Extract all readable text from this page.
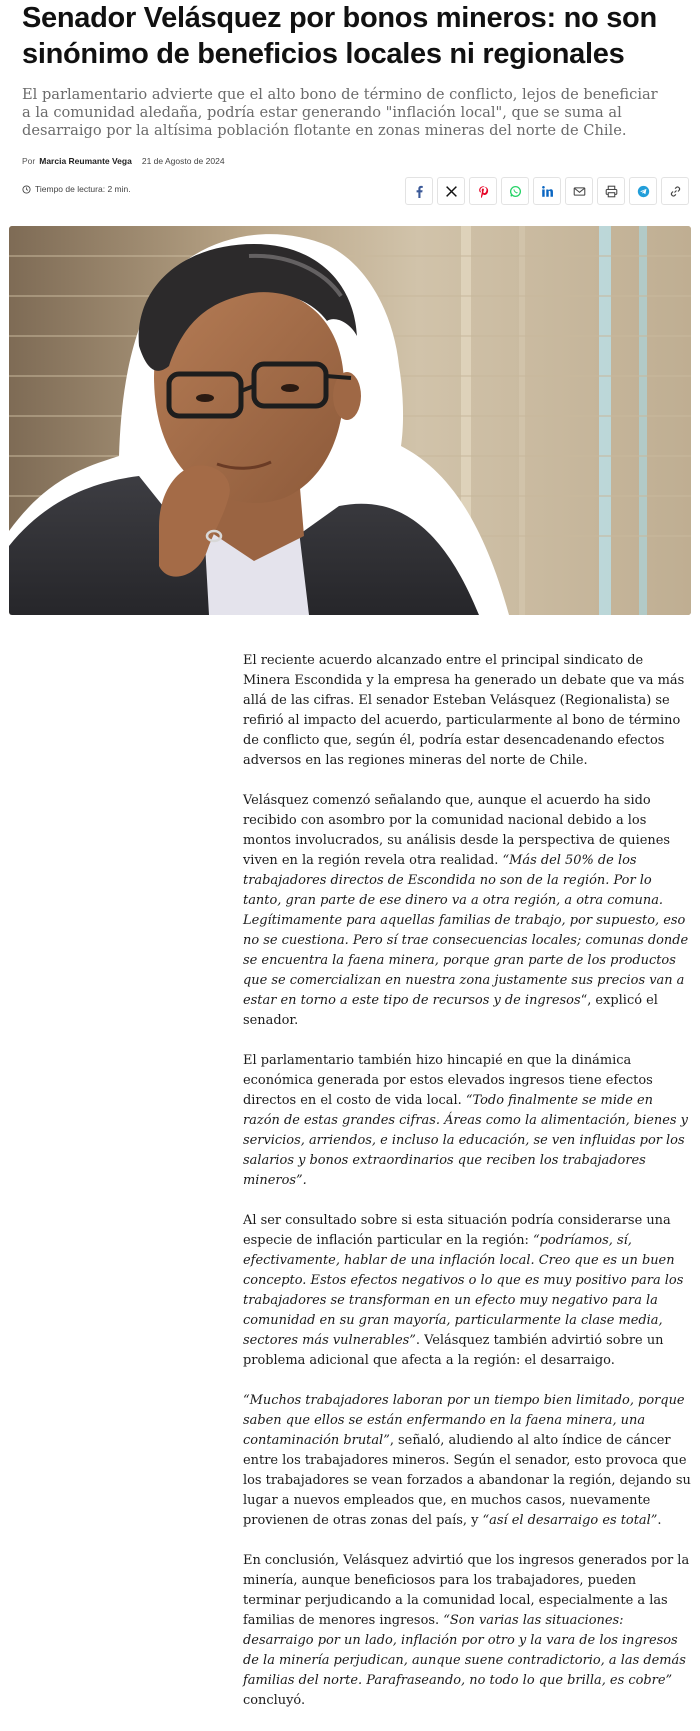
Senador Velásquez por bonos mineros: no son sinónimo de beneficios locales ni regionales

El parlamentario advierte que el alto bono de término de conflicto, lejos de beneficiar a la comunidad aledaña, podría estar generando "inflación local", que se suma al desarraigo por la altísima población flotante en zonas mineras del norte de Chile.

Por Marcia Reumante Vega 21 de Agosto de 2024
Tiempo de lectura: 2 min.

El reciente acuerdo alcanzado entre el principal sindicato de Minera Escondida y la empresa ha generado un debate que va más allá de las cifras. El senador Esteban Velásquez (Regionalista) se refirió al impacto del acuerdo, particularmente al bono de término de conflicto que, según él, podría estar desencadenando efectos adversos en las regiones mineras del norte de Chile.

Velásquez comenzó señalando que, aunque el acuerdo ha sido recibido con asombro por la comunidad nacional debido a los montos involucrados, su análisis desde la perspectiva de quienes viven en la región revela otra realidad. “Más del 50% de los trabajadores directos de Escondida no son de la región. Por lo tanto, gran parte de ese dinero va a otra región, a otra comuna. Legítimamente para aquellas familias de trabajo, por supuesto, eso no se cuestiona. Pero sí trae consecuencias locales; comunas donde se encuentra la faena minera, porque gran parte de los productos que se comercializan en nuestra zona justamente sus precios van a estar en torno a este tipo de recursos y de ingresos“, explicó el senador.

El parlamentario también hizo hincapié en que la dinámica económica generada por estos elevados ingresos tiene efectos directos en el costo de vida local. “Todo finalmente se mide en razón de estas grandes cifras. Áreas como la alimentación, bienes y servicios, arriendos, e incluso la educación, se ven influidas por los salarios y bonos extraordinarios que reciben los trabajadores mineros”.

Al ser consultado sobre si esta situación podría considerarse una especie de inflación particular en la región: “podríamos, sí, efectivamente, hablar de una inflación local. Creo que es un buen concepto. Estos efectos negativos o lo que es muy positivo para los trabajadores se transforman en un efecto muy negativo para la comunidad en su gran mayoría, particularmente la clase media, sectores más vulnerables”. Velásquez también advirtió sobre un problema adicional que afecta a la región: el desarraigo.

“Muchos trabajadores laboran por un tiempo bien limitado, porque saben que ellos se están enfermando en la faena minera, una contaminación brutal”, señaló, aludiendo al alto índice de cáncer entre los trabajadores mineros. Según el senador, esto provoca que los trabajadores se vean forzados a abandonar la región, dejando su lugar a nuevos empleados que, en muchos casos, nuevamente provienen de otras zonas del país, y “así el desarraigo es total”.

En conclusión, Velásquez advirtió que los ingresos generados por la minería, aunque beneficiosos para los trabajadores, pueden terminar perjudicando a la comunidad local, especialmente a las familias de menores ingresos. “Son varias las situaciones: desarraigo por un lado, inflación por otro y la vara de los ingresos de la minería perjudican, aunque suene contradictorio, a las demás familias del norte. Parafraseando, no todo lo que brilla, es cobre” concluyó.
